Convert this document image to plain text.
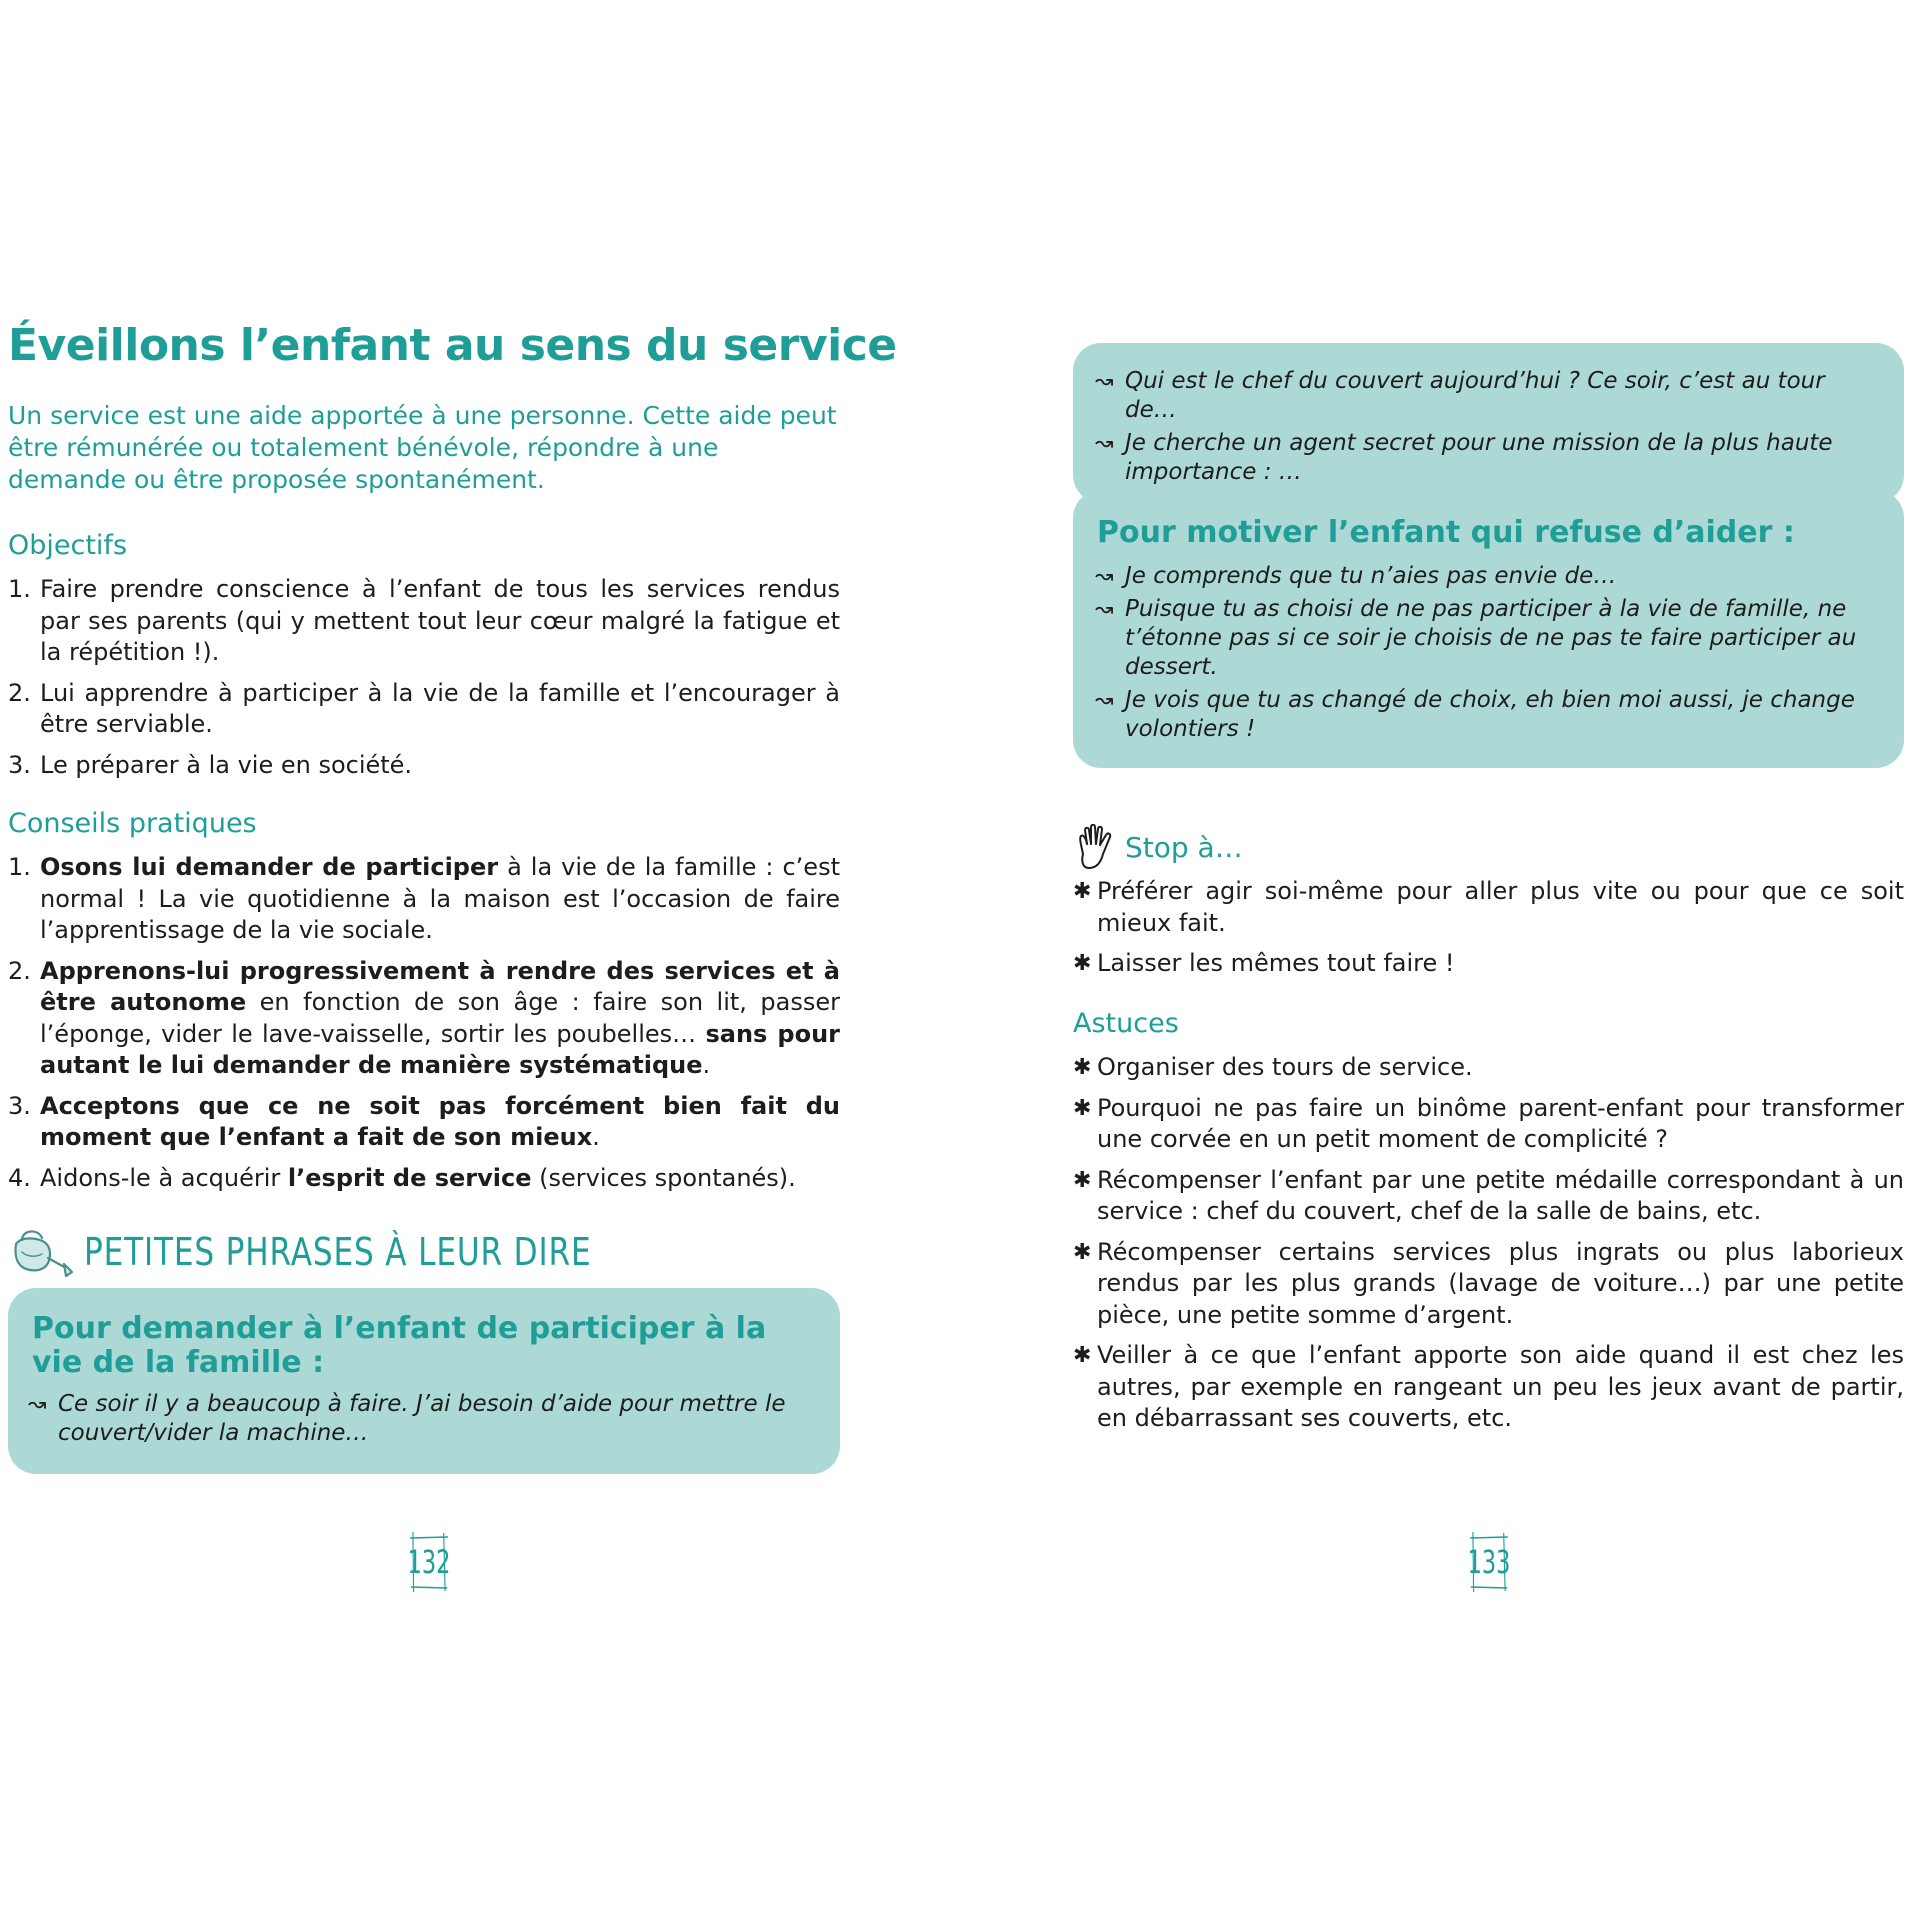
Éveillons l’enfant au sens du service

Un service est une aide apportée à une personne. Cette aide peut être rémunérée ou totalement bénévole, répondre à une demande ou être proposée spontanément.

Objectifs
1. Faire prendre conscience à l’enfant de tous les services rendus par ses parents (qui y mettent tout leur cœur malgré la fatigue et la répétition !).
2. Lui apprendre à participer à la vie de la famille et l’encourager à être serviable.
3. Le préparer à la vie en société.
Conseils pratiques
1. Osons lui demander de participer à la vie de la famille : c’est normal ! La vie quotidienne à la maison est l’occasion de faire l’apprentissage de la vie sociale.
2. Apprenons-lui progressivement à rendre des services et à être autonome en fonction de son âge : faire son lit, passer l’éponge, vider le lave-vaisselle, sortir les poubelles… sans pour autant le lui demander de manière systématique.
3. Acceptons que ce ne soit pas forcément bien fait du moment que l’enfant a fait de son mieux.
4. Aidons-le à acquérir l’esprit de service (services spontanés).
PETITES PHRASES À LEUR DIRE
Pour demander à l’enfant de participer à la vie de la famille :
↝ Ce soir il y a beaucoup à faire. J’ai besoin d’aide pour mettre le couvert/vider la machine…
132
↝ Qui est le chef du couvert aujourd’hui ? Ce soir, c’est au tour de…
↝ Je cherche un agent secret pour une mission de la plus haute importance : …
Pour motiver l’enfant qui refuse d’aider :
↝ Je comprends que tu n’aies pas envie de…
↝ Puisque tu as choisi de ne pas participer à la vie de famille, ne t’étonne pas si ce soir je choisis de ne pas te faire participer au dessert.
↝ Je vois que tu as changé de choix, eh bien moi aussi, je change volontiers !
Stop à…
✱ Préférer agir soi-même pour aller plus vite ou pour que ce soit mieux fait.
✱ Laisser les mêmes tout faire !
Astuces
✱ Organiser des tours de service.
✱ Pourquoi ne pas faire un binôme parent-enfant pour transformer une corvée en un petit moment de complicité ?
✱ Récompenser l’enfant par une petite médaille correspondant à un service : chef du couvert, chef de la salle de bains, etc.
✱ Récompenser certains services plus ingrats ou plus laborieux rendus par les plus grands (lavage de voiture…) par une petite pièce, une petite somme d’argent.
✱ Veiller à ce que l’enfant apporte son aide quand il est chez les autres, par exemple en rangeant un peu les jeux avant de partir, en débarrassant ses couverts, etc.
133
